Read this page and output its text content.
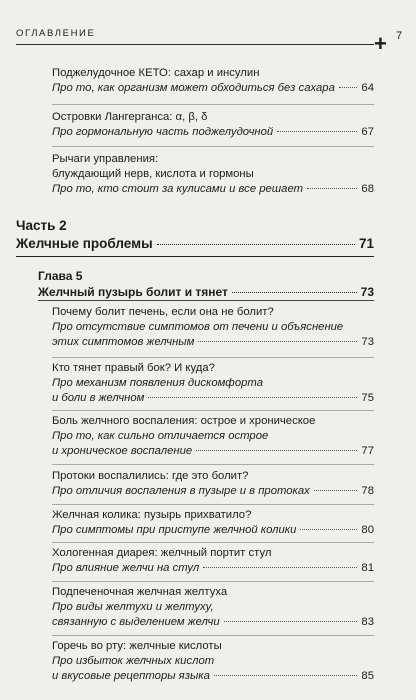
ОГЛАВЛЕНИЕ	+ 7
Поджелудочное КЕТО: сахар и инсулин
Про то, как организм может обходиться без сахара 64
Островки Лангерганса: α, β, δ
Про гормональную часть поджелудочной	67
Рычаги управления:
блуждающий нерв, кислота и гормоны
Про то, кто стоит за кулисами и все решает	68
Часть 2
Желчные проблемы	71
Глава 5
Желчный пузырь болит и тянет	73
Почему болит печень, если она не болит?
Про отсутствие симптомов от печени и объяснение
этих симптомов желчным	73
Кто тянет правый бок? И куда?
Про механизм появления дискомфорта
и боли в желчном	75
Боль желчного воспаления: острое и хроническое
Про то, как сильно отличается острое
и хроническое воспаление	77
Протоки воспалились: где это болит?
Про отличия воспаления в пузыре и в протоках	78
Желчная колика: пузырь прихватило?
Про симптомы при приступе желчной колики	80
Хологенная диарея: желчный портит стул
Про влияние желчи на стул	81
Подпеченочная желчная желтуха
Про виды желтухи и желтуху,
связанную с выделением желчи	83
Горечь во рту: желчные кислоты
Про избыток желчных кислот
и вкусовые рецепторы языка	85
